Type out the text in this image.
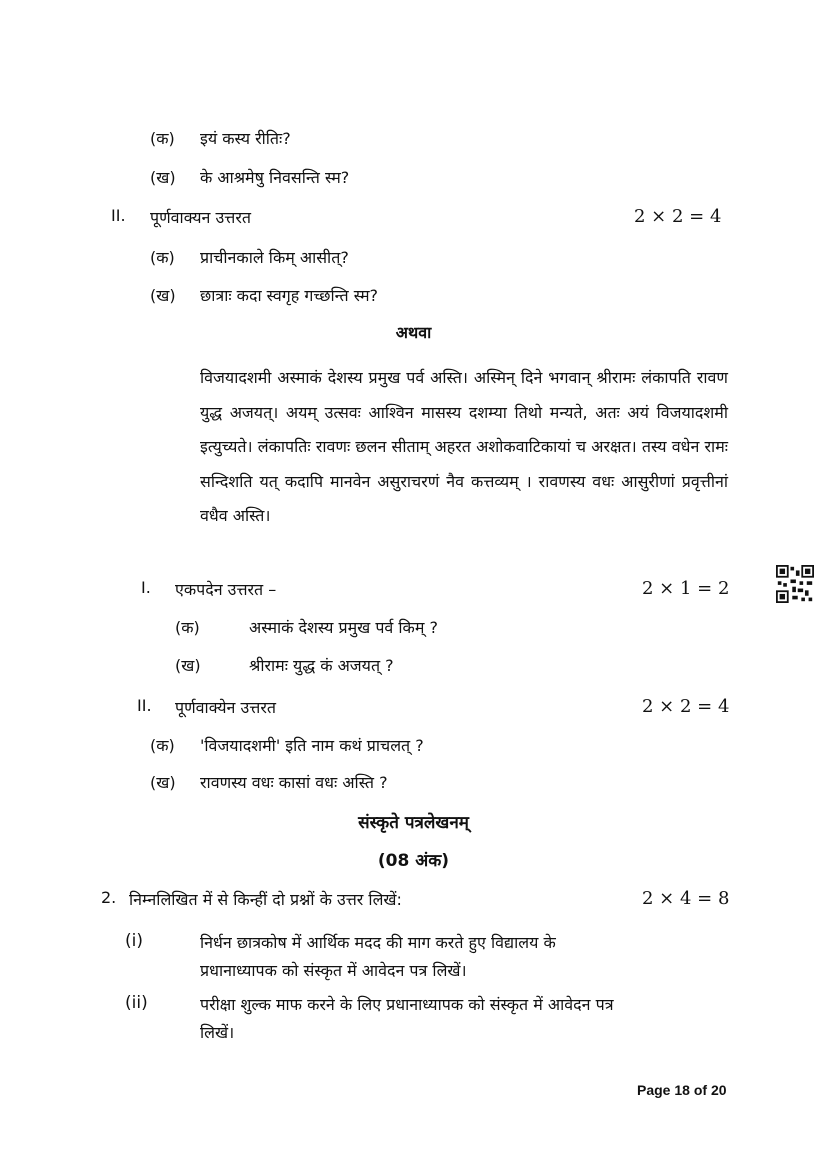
(क) इयं कस्य रीतिः?
(ख) के आश्रमेषु निवसन्ति स्म?
II. पूर्णवाक्यन उत्तरत	2 × 2 = 4
(क) प्राचीनकाले किम् आसीत्?
(ख) छात्राः कदा स्वगृह गच्छन्ति स्म?
अथवा
विजयादशमी अस्माकं देशस्य प्रमुख पर्व अस्ति। अस्मिन् दिने भगवान् श्रीरामः लंकापति रावण युद्ध अजयत्। अयम् उत्सवः आश्विन मासस्य दशम्या तिथो मन्यते, अतः अयं विजयादशमी इत्युच्यते। लंकापतिः रावणः छलन सीताम् अहरत अशोकवाटिकायां च अरक्षत। तस्य वधेन रामः सन्दिशति यत् कदापि मानवेन असुराचरणं नैव कत्तव्यम् । रावणस्य वधः आसुरीणां प्रवृत्तीनां वधैव अस्ति।
I. एकपदेन उत्तरत –	2 × 1 = 2
(क)	अस्माकं देशस्य प्रमुख पर्व किम् ?
(ख)	श्रीरामः युद्ध कं अजयत् ?
II. पूर्णवाक्येन उत्तरत	2 × 2 = 4
(क) 'विजयादशमी' इति नाम कथं प्राचलत् ?
(ख) रावणस्य वधः कासां वधः अस्ति ?
संस्कृते पत्रलेखनम्
(08 अंक)
2. निम्नलिखित में से किन्हीं दो प्रश्नों के उत्तर लिखें:	2 × 4 = 8
(i)	निर्धन छात्रकोष में आर्थिक मदद की माग करते हुए विद्यालय के
प्रधानाध्यापक को संस्कृत में आवेदन पत्र लिखें।
(ii)	परीक्षा शुल्क माफ करने के लिए प्रधानाध्यापक को संस्कृत में आवेदन पत्र
लिखें।
Page 18 of 20
